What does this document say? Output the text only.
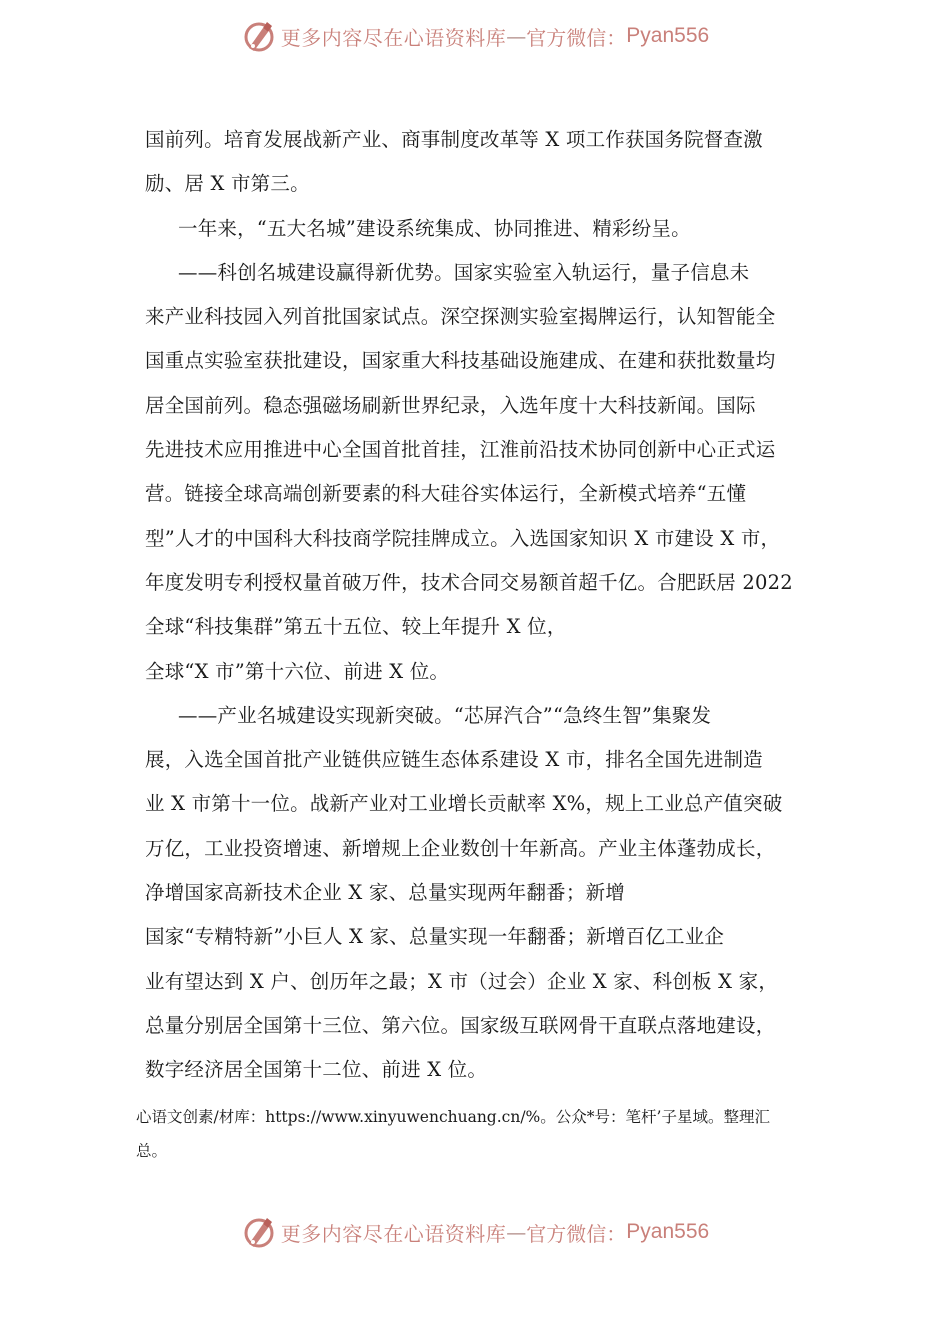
更多内容尽在心语资料库 — 官方微信： Pyan556
国前列。培育发展战新产业、商事制度改革等 X 项工作获国务院督查激
励、居 X 市第三。
一年来，“五大名城”建设系统集成、协同推进、精彩纷呈。
——科创名城建设赢得新优势。国家实验室入轨运行，量子信息未
来产业科技园入列首批国家试点。深空探测实验室揭牌运行，认知智能全
国重点实验室获批建设，国家重大科技基础设施建成、在建和获批数量均
居全国前列。稳态强磁场刷新世界纪录，入选年度十大科技新闻。国际
先进技术应用推进中心全国首批首挂，江淮前沿技术协同创新中心正式运
营。链接全球高端创新要素的科大硅谷实体运行，全新模式培养“五懂
型”人才的中国科大科技商学院挂牌成立。入选国家知识 X 市建设 X 市，
年度发明专利授权量首破万件，技术合同交易额首超千亿。合肥跃居 2022
全球“科技集群”第五十五位、较上年提升 X 位，
全球“X 市”第十六位、前进 X 位。
——产业名城建设实现新突破。“芯屏汽合”“急终生智”集聚发
展，入选全国首批产业链供应链生态体系建设 X 市，排名全国先进制造
业 X 市第十一位。战新产业对工业增长贡献率 X%，规上工业总产值突破
万亿，工业投资增速、新增规上企业数创十年新高。产业主体蓬勃成长，
净增国家高新技术企业 X 家、总量实现两年翻番；新增
国家“专精特新”小巨人 X 家、总量实现一年翻番；新增百亿工业企
业有望达到 X 户、创历年之最；X 市（过会）企业 X 家、科创板 X 家，
总量分别居全国第十三位、第六位。国家级互联网骨干直联点落地建设，
数字经济居全国第十二位、前进 X 位。
心语文创素/材库：https://www.xinyuwenchuang.cn/%。公众*号：笔杆’子星域。整理汇
总。
更多内容尽在心语资料库 — 官方微信： Pyan556
